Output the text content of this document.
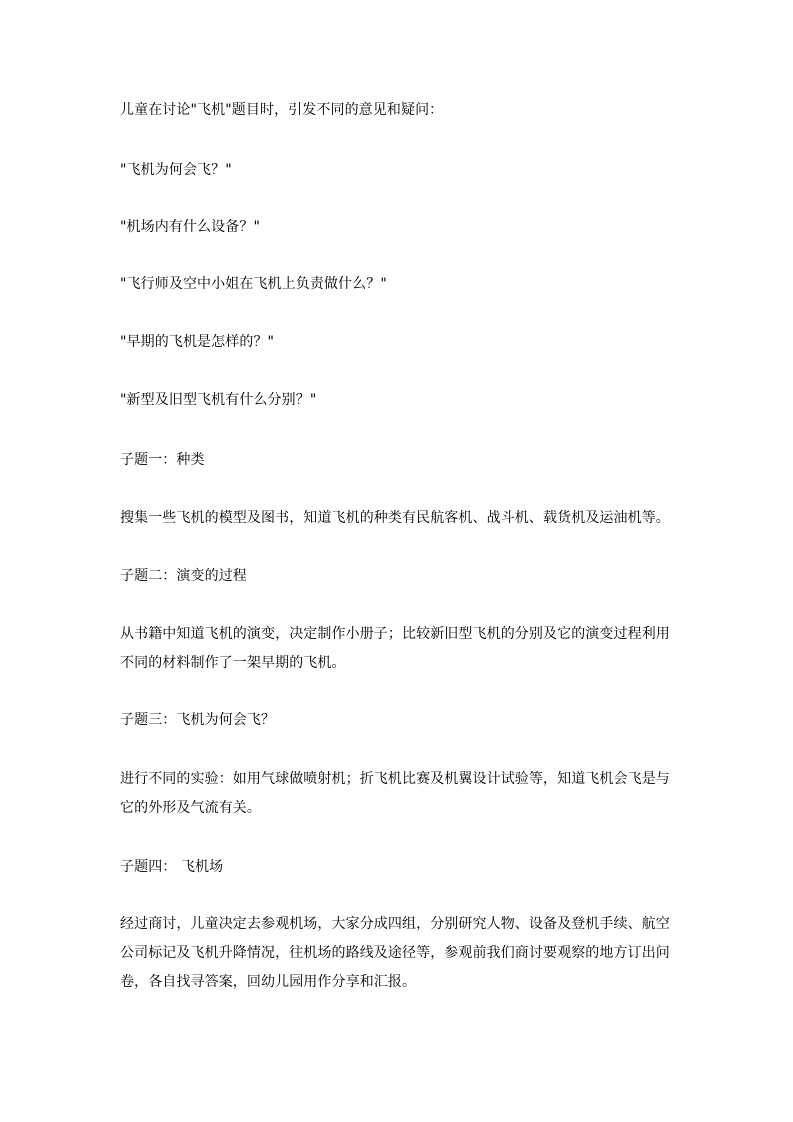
儿童在讨论"飞机"题目时，引发不同的意见和疑问：

"飞机为何会飞？"

"机场内有什么设备？"

"飞行师及空中小姐在飞机上负责做什么？"

"早期的飞机是怎样的？"

"新型及旧型飞机有什么分别？"

子题一：种类

搜集一些飞机的模型及图书，知道飞机的种类有民航客机、战斗机、载货机及运油机等。

子题二：演变的过程

从书籍中知道飞机的演变，决定制作小册子；比较新旧型飞机的分别及它的演变过程利用不同的材料制作了一架早期的飞机。

子题三：飞机为何会飞？

进行不同的实验：如用气球做喷射机；折飞机比赛及机翼设计试验等，知道飞机会飞是与它的外形及气流有关。

子题四： 飞机场

经过商讨，儿童决定去参观机场，大家分成四组，分别研究人物、设备及登机手续、航空公司标记及飞机升降情况，往机场的路线及途径等，参观前我们商讨要观察的地方订出问卷，各自找寻答案，回幼儿园用作分享和汇报。
